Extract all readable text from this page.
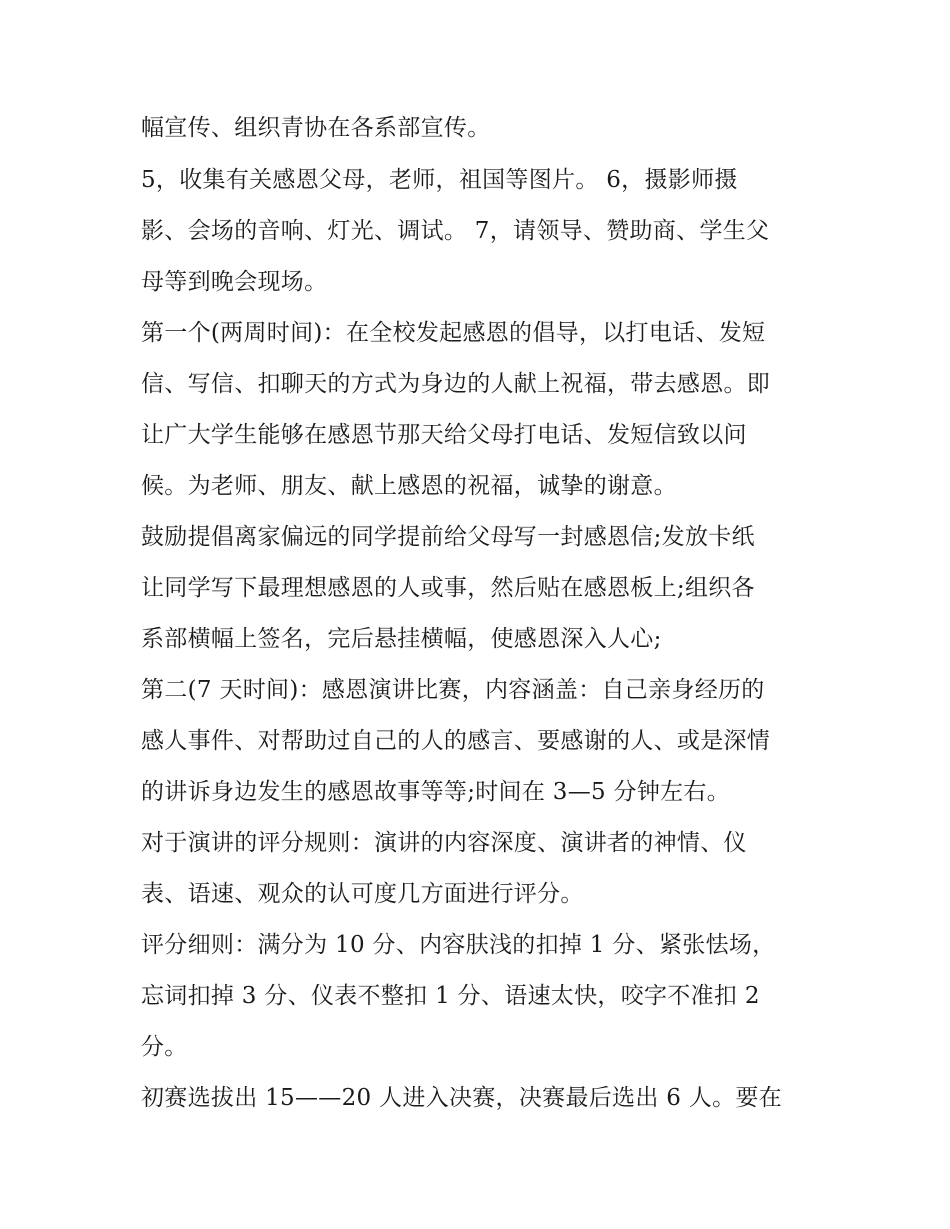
幅宣传、组织青协在各系部宣传。
5，收集有关感恩父母，老师，祖国等图片。 6，摄影师摄
影、会场的音响、灯光、调试。 7，请领导、赞助商、学生父
母等到晚会现场。
第一个(两周时间)：在全校发起感恩的倡导，以打电话、发短
信、写信、扣聊天的方式为身边的人献上祝福，带去感恩。即
让广大学生能够在感恩节那天给父母打电话、发短信致以问
候。为老师、朋友、献上感恩的祝福，诚挚的谢意。
鼓励提倡离家偏远的同学提前给父母写一封感恩信;发放卡纸
让同学写下最理想感恩的人或事，然后贴在感恩板上;组织各
系部横幅上签名，完后悬挂横幅，使感恩深入人心;
第二(7 天时间)：感恩演讲比赛，内容涵盖：自己亲身经历的
感人事件、对帮助过自己的人的感言、要感谢的人、或是深情
的讲诉身边发生的感恩故事等等;时间在 3—5 分钟左右。
对于演讲的评分规则：演讲的内容深度、演讲者的神情、仪
表、语速、观众的认可度几方面进行评分。
评分细则：满分为 10 分、内容肤浅的扣掉 1 分、紧张怯场，
忘词扣掉 3 分、仪表不整扣 1 分、语速太快，咬字不准扣 2
分。
初赛选拔出 15——20 人进入决赛，决赛最后选出 6 人。要在
